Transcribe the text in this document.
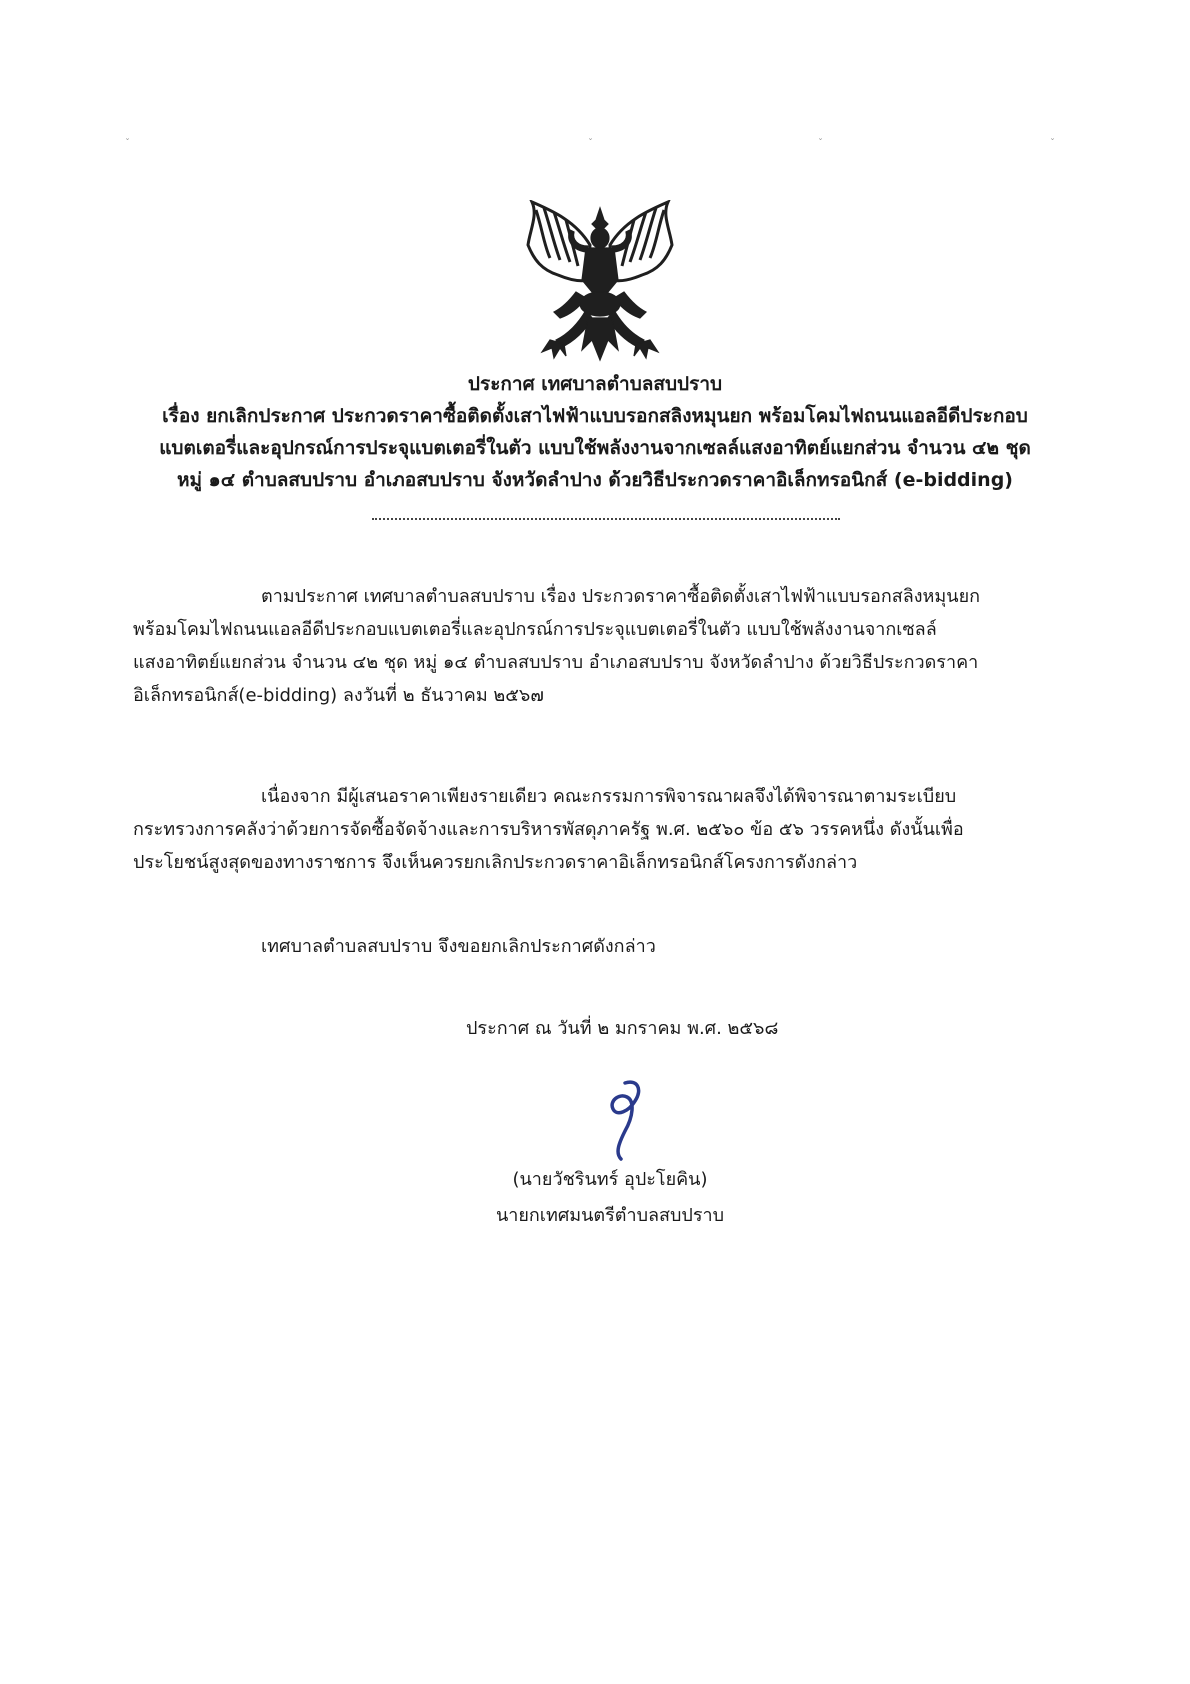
ˇ	ˇ	ˇ	ˇ
ประกาศ เทศบาลตำบลสบปราบ
เรื่อง ยกเลิกประกาศ ประกวดราคาซื้อติดตั้งเสาไฟฟ้าแบบรอกสลิงหมุนยก พร้อมโคมไฟถนนแอลอีดีประกอบ
แบตเตอรี่และอุปกรณ์การประจุแบตเตอรี่ในตัว แบบใช้พลังงานจากเซลล์แสงอาทิตย์แยกส่วน จำนวน ๔๒ ชุด
หมู่ ๑๔ ตำบลสบปราบ อำเภอสบปราบ จังหวัดลำปาง ด้วยวิธีประกวดราคาอิเล็กทรอนิกส์ (e-bidding)
ตามประกาศ เทศบาลตำบลสบปราบ เรื่อง ประกวดราคาซื้อติดตั้งเสาไฟฟ้าแบบรอกสลิงหมุนยก
พร้อมโคมไฟถนนแอลอีดีประกอบแบตเตอรี่และอุปกรณ์การประจุแบตเตอรี่ในตัว แบบใช้พลังงานจากเซลล์
แสงอาทิตย์แยกส่วน จำนวน ๔๒ ชุด หมู่ ๑๔ ตำบลสบปราบ อำเภอสบปราบ จังหวัดลำปาง ด้วยวิธีประกวดราคา
อิเล็กทรอนิกส์(e-bidding) ลงวันที่ ๒ ธันวาคม ๒๕๖๗
เนื่องจาก มีผู้เสนอราคาเพียงรายเดียว คณะกรรมการพิจารณาผลจึงได้พิจารณาตามระเบียบ
กระทรวงการคลังว่าด้วยการจัดซื้อจัดจ้างและการบริหารพัสดุภาครัฐ พ.ศ. ๒๕๖๐ ข้อ ๕๖ วรรคหนึ่ง ดังนั้นเพื่อ
ประโยชน์สูงสุดของทางราชการ จึงเห็นควรยกเลิกประกวดราคาอิเล็กทรอนิกส์โครงการดังกล่าว
เทศบาลตำบลสบปราบ จึงขอยกเลิกประกาศดังกล่าว
ประกาศ ณ วันที่ ๒ มกราคม พ.ศ. ๒๕๖๘
(นายวัชรินทร์ อุปะโยคิน)
นายกเทศมนตรีตำบลสบปราบ
